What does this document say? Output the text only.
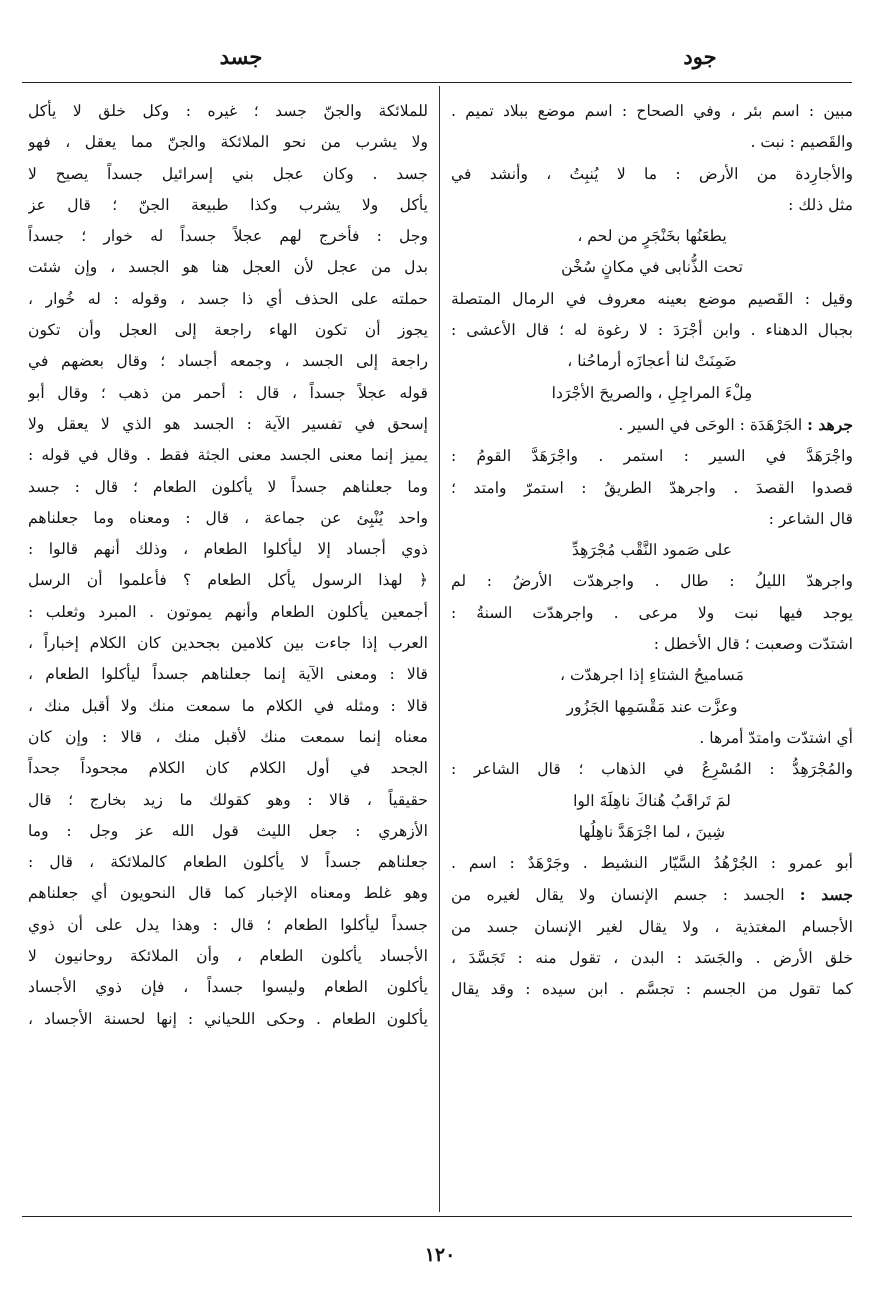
جود
جسد
مبين : اسم بئر ، وفي الصحاح : اسم موضع ببلاد تميم .
والقَصيم : نبت .
والأجارِدة من الأرض : ما لا يُنبِتُ ، وأنشد في
مثل ذلك :
يطعَنُها بخَنْجَرٍ من لحم ،
تحت الذُّنابى في مكانٍ سُخْن
وقيل : القَصيم موضع بعينه معروف في الرمال المتصلة
بجبال الدهناء . وابن أجْرَدَ : لا رغوة له ؛ قال الأعشى :
ضَمِنَتْ لنا أعجازَه أرماحُنا ،
مِلْءَ المراجِلِ ، والصريحَ الأجْرَدا
جرهد : الجَرْهَدَة : الوحَى في السير .
واجْرَهَدَّ في السير : استمر . واجْرَهَدَّ القومُ :
قصدوا القصدَ . واجرهدّ الطريقُ : استمرّ وامتد ؛
قال الشاعر :
على صَمود النَّقْب مُجْرَهِدِّ
واجرهدّ الليلُ : طال . واجرهدّت الأرضُ : لم
يوجد فيها نبت ولا مرعى . واجرهدّت السنةُ :
اشتدّت وصعبت ؛ قال الأخطل :
مَساميحُ الشتاءِ إذا اجرهدّت ،
وعزَّت عند مَقْسَمِها الجَزُور
أي اشتدّت وامتدّ أمرها .
والمُجْرَهِدُّ : المُسْرِعُ في الذهاب ؛ قال الشاعر :
لمَ تَراقَبُ هُناكَ ناهِلَةَ الوا
شِينَ ، لما اجْرَهَدَّ ناهِلُها
أبو عمرو : الجُرْهُدُ السَّيّار النشيط . وجَرْهَدٌ : اسم .
جسد : الجسد : جسم الإنسان ولا يقال لغيره من
الأجسام المغتذية ، ولا يقال لغير الإنسان جسد من
خلق الأرض . والجَسَد : البدن ، تقول منه : تَجَسَّدَ ،
كما تقول من الجسم : تجسَّم . ابن سيده : وقد يقال
للملائكة والجنّ جسد ؛ غيره : وكل خلق لا يأكل
ولا يشرب من نحو الملائكة والجنّ مما يعقل ، فهو
جسد . وكان عجل بني إسرائيل جسداً يصيح لا
يأكل ولا يشرب وكذا طبيعة الجنّ ؛ قال عز
وجل : فأخرج لهم عجلاً جسداً له خوار ؛ جسداً
بدل من عجل لأن العجل هنا هو الجسد ، وإن شئت
حملته على الحذف أي ذا جسد ، وقوله : له خُوار ،
يجوز أن تكون الهاء راجعة إلى العجل وأن تكون
راجعة إلى الجسد ، وجمعه أجساد ؛ وقال بعضهم في
قوله عجلاً جسداً ، قال : أحمر من ذهب ؛ وقال أبو
إسحق في تفسير الآية : الجسد هو الذي لا يعقل ولا
يميز إنما معنى الجسد معنى الجثة فقط . وقال في قوله :
وما جعلناهم جسداً لا يأكلون الطعام ؛ قال : جسد
واحد يُنْبِئ عن جماعة ، قال : ومعناه وما جعلناهم
ذوي أجساد إلا ليأكلوا الطعام ، وذلك أنهم قالوا :
﴿ لهذا الرسول يأكل الطعام ؟ فأعلموا أن الرسل
أجمعين يأكلون الطعام وأنهم يموتون . المبرد وثعلب :
العرب إذا جاءت بين كلامين بجحدين كان الكلام إخباراً ،
قالا : ومعنى الآية إنما جعلناهم جسداً ليأكلوا الطعام ،
قالا : ومثله في الكلام ما سمعت منك ولا أقبل منك ،
معناه إنما سمعت منك لأقبل منك ، قالا : وإن كان
الجحد في أول الكلام كان الكلام مجحوداً جحداً
حقيقياً ، قالا : وهو كقولك ما زيد بخارج ؛ قال
الأزهري : جعل الليث قول الله عز وجل : وما
جعلناهم جسداً لا يأكلون الطعام كالملائكة ، قال :
وهو غلط ومعناه الإخبار كما قال النحويون أي جعلناهم
جسداً ليأكلوا الطعام ؛ قال : وهذا يدل على أن ذوي
الأجساد يأكلون الطعام ، وأن الملائكة روحانيون لا
يأكلون الطعام وليسوا جسداً ، فإن ذوي الأجساد
يأكلون الطعام . وحكى اللحياني : إنها لحسنة الأجساد ،
١٢٠
